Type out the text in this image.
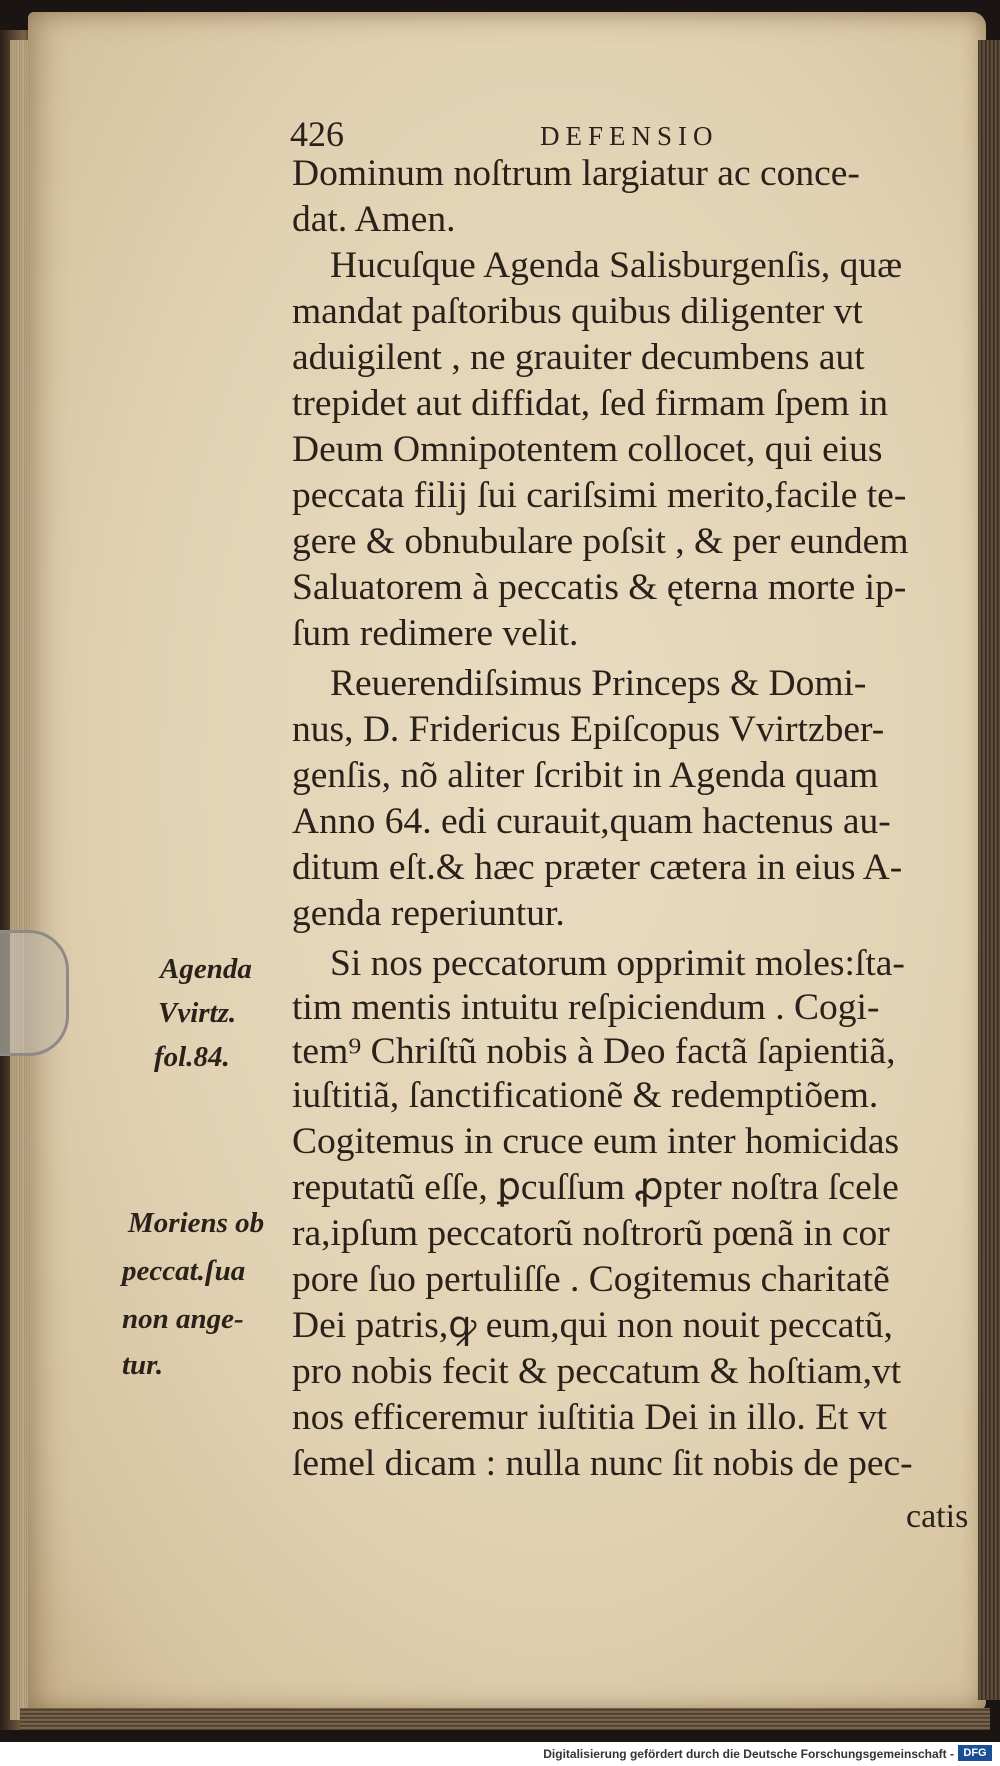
426	DEFENSIO
Dominum noſtrum largiatur ac conce-
dat. Amen.
Hucuſque Agenda Salisburgenſis, quæ
mandat paſtoribus quibus diligenter vt
aduigilent , ne grauiter decumbens aut
trepidet aut diffidat, ſed firmam ſpem in
Deum Omnipotentem collocet, qui eius
peccata filij ſui cariſsimi merito,facile te-
gere & obnubulare poſsit , & per eundem
Saluatorem à peccatis & ęterna morte ip-
ſum redimere velit.
Reuerendiſsimus Princeps & Domi-
nus, D. Fridericus Epiſcopus Vvirtzber-
genſis, nõ aliter ſcribit in Agenda quam
Anno 64. edi curauit,quam hactenus au-
ditum eſt.& hæc præter cætera in eius A-
genda reperiuntur.
Si nos peccatorum opprimit moles:ſta-
tim mentis intuitu reſpiciendum . Cogi-
tem⁹ Chriſtũ nobis à Deo factã ſapientiã,
iuſtitiã, ſanctificationẽ & redemptiõem.
Cogitemus in cruce eum inter homicidas
reputatũ eſſe, ꝑcuſſum ꝓpter noſtra ſcele
ra,ipſum peccatorũ noſtrorũ pœnã in cor
pore ſuo pertuliſſe . Cogitemus charitatẽ
Dei patris,ꝙ eum,qui non nouit peccatũ,
pro nobis fecit & peccatum & hoſtiam,vt
nos efficeremur iuſtitia Dei in illo. Et vt
ſemel dicam : nulla nunc ſit nobis de pec-
catis
Agenda
Vvirtz.
fol.84.
Moriens ob
peccat.ſua
non ange-
tur.
Digitalisierung gefördert durch die Deutsche Forschungsgemeinschaft - DFG
